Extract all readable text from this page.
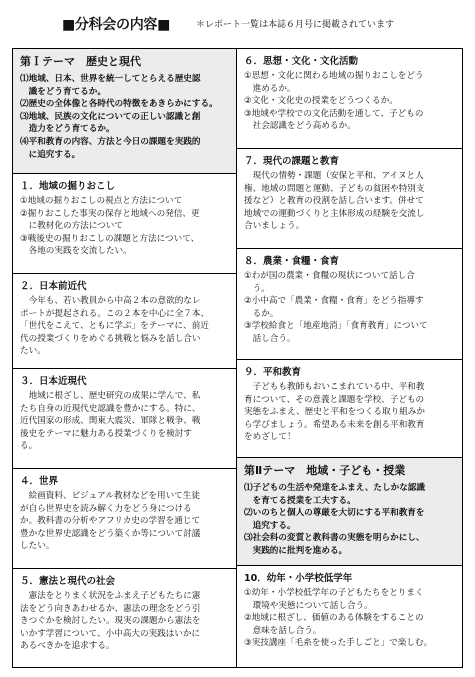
■分科会の内容■	＊レポート一覧は本誌６月号に掲載されています
第Ｉテーマ　歴史と現代
⑴地域、日本、世界を統一してとらえる歴史認
　識をどう育てるか。
⑵歴史の全体像と各時代の特徴をあきらかにする。
⑶地域、民族の文化についての正しい認識と創
　造力をどう育てるか。
⑷平和教育の内容、方法と今日の課題を実践的
　に追究する。
１．地域の掘りおこし
①地域の掘りおこしの視点と方法について
②掘りおこした事実の保存と地域への発信、更
　に教材化の方法について
③戦後史の掘りおこしの課題と方法について、
　各地の実践を交流したい。
２．日本前近代
　今年も、若い教員から中高２本の意欲的なレ
ポートが提起される。この２本を中心に全７本、
「世代をこえて、ともに学ぶ」をテーマに、前近
代の授業づくりをめぐる挑戦と悩みを話し合い
たい。
３．日本近現代
　地域に根ざし、歴史研究の成果に学んで、私
たち自身の近現代史認識を豊かにする。特に、
近代国家の形成、関東大震災、軍隊と戦争、戦
後史をテーマに魅力ある授業づくりを検討す
る。
４．世界
　絵画資料、ビジュアル教材などを用いて生徒
が自ら世界史を読み解く力をどう身につける
か。教科書の分析やアフリカ史の学習を通じて
豊かな世界史認識をどう築くか等について討議
したい。
５．憲法と現代の社会
　憲法をとりまく状況をふまえ子どもたちに憲
法をどう向きあわせるか、憲法の理念をどう引
きつぐかを検討したい。現実の課題から憲法を
いかす学習について、小中高大の実践はいかに
あるべきかを追求する。
６．思想・文化・文化活動
①思想・文化に関わる地域の掘りおこしをどう
　進めるか。
②文化・文化史の授業をどうつくるか。
③地域や学校での文化活動を通して、子どもの
　社会認識をどう高めるか。
７．現代の課題と教育
　現代の情勢・課題（安保と平和、アイヌと人
権、地域の問題と運動、子どもの貧困や特別支
援など）と教育の役割を話し合います。併せて
地域での運動づくりと主体形成の経験を交流し
合いましょう。
８．農業・食糧・食育
①わが国の農業・食糧の現状について話し合
　う。
②小中高で「農業・食糧・食育」をどう指導す
　るか。
③学校給食と「地産地消」「食育教育」について
　話し合う。
９．平和教育
　子どもも教師もおいこまれている中、平和教
育について、その意義と課題を学校、子どもの
実態をふまえ、歴史と平和をつくる取り組みか
ら学びましょう。希望ある未来を創る平和教育
をめざして！
第Ⅱテーマ　地域・子ども・授業
⑴子どもの生活や発達をふまえ、たしかな認識
　を育てる授業を工夫する。
⑵いのちと個人の尊厳を大切にする平和教育を
　追究する。
⑶社会科の変質と教科書の実態を明らかにし、
　実践的に批判を進める。
10．幼年・小学校低学年
①幼年・小学校低学年の子どもたちをとりまく
　環境や実態について話し合う。
②地域に根ざし、価値のある体験をすることの
　意味を話し合う。
③実技講座「毛糸を使った手しごと」で楽しむ。
